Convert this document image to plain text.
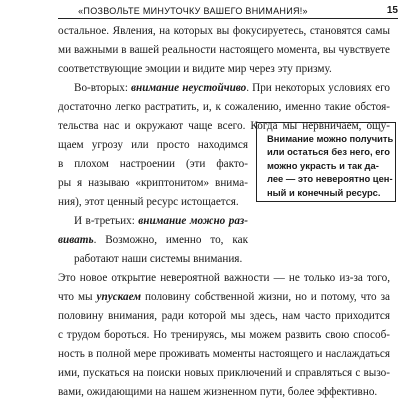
«ПОЗВОЛЬТЕ МИНУТОЧКУ ВАШЕГО ВНИМАНИЯ!»	15
остальное. Явления, на которых вы фокусируетесь, становятся самы
ми важными в вашей реальности настоящего момента, вы чувствуете
соответствующие эмоции и видите мир через эту призму.
Во-вторых: внимание неустойчиво. При некоторых условиях его
достаточно легко растратить, и, к сожалению, именно такие обстоя-
тельства нас и окружают чаще всего. Когда мы нервничаем, ощу-
щаем угрозу или просто находимся
в плохом настроении (эти факто-
ры я называю «криптонитом» внима-
ния), этот ценный ресурс истощается.
И в-третьих: внимание можно раз-
вивать. Возможно, именно то, как
работают наши системы внимания.
Это новое открытие невероятной важности — не только из-за того,
что мы упускаем половину собственной жизни, но и потому, что за
половину внимания, ради которой мы здесь, нам часто приходится
с трудом бороться. Но тренируясь, мы можем развить свою способ-
ность в полной мере проживать моменты настоящего и наслаждаться
ими, пускаться на поиски новых приключений и справляться с вызо-
вами, ожидающими на нашем жизненном пути, более эффективно.
Внимание можно получить
или остаться без него, его
можно украсть и так да-
лее — это невероятно цен-
ный и конечный ресурс.
